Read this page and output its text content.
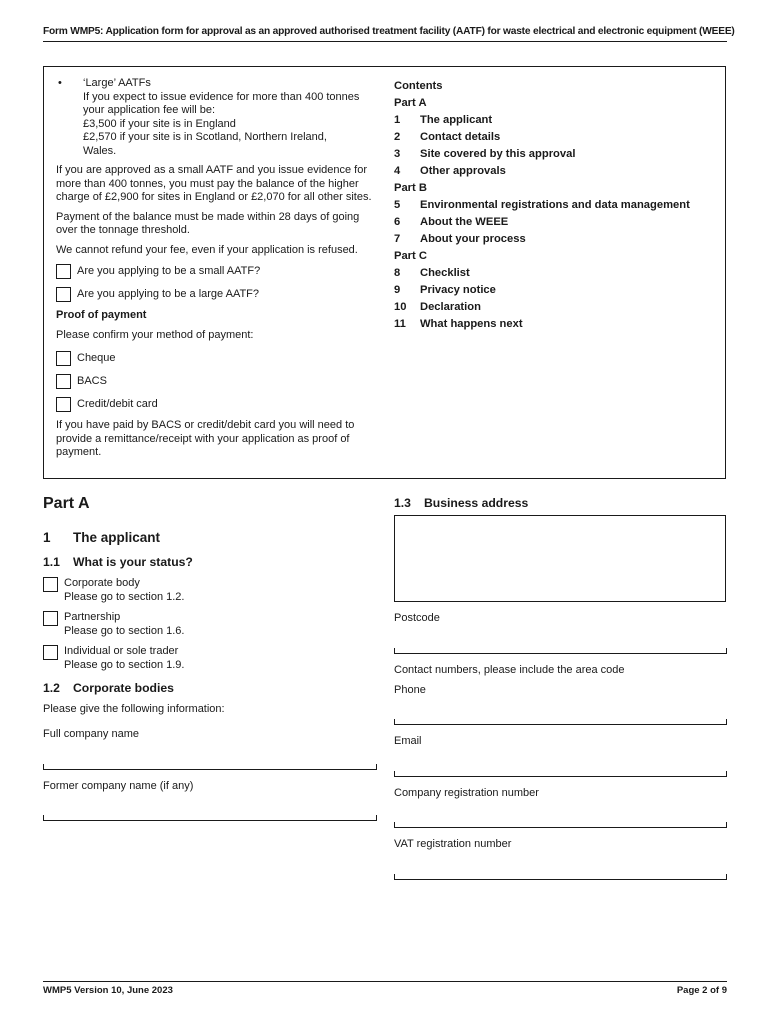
Form WMP5: Application form for approval as an approved authorised treatment facility (AATF) for waste electrical and electronic equipment (WEEE)
•	‘Large’ AATFs
If you expect to issue evidence for more than 400 tonnes
your application fee will be:
£3,500 if your site is in England
£2,570 if your site is in Scotland, Northern Ireland,
Wales.
If you are approved as a small AATF and you issue evidence for more than 400 tonnes, you must pay the balance of the higher charge of £2,900 for sites in England or £2,070 for all other sites.
Payment of the balance must be made within 28 days of going over the tonnage threshold.
We cannot refund your fee, even if your application is refused.
Are you applying to be a small AATF?
Are you applying to be a large AATF?
Proof of payment
Please confirm your method of payment:
Cheque
BACS
Credit/debit card
If you have paid by BACS or credit/debit card you will need to provide a remittance/receipt with your application as proof of payment.
Contents
Part A
1	The applicant
2	Contact details
3	Site covered by this approval
4	Other approvals
Part B
5	Environmental registrations and data management
6	About the WEEE
7	About your process
Part C
8	Checklist
9	Privacy notice
10	Declaration
11	What happens next
Part A
1	The applicant
1.1	What is your status?
Corporate body
Please go to section 1.2.
Partnership
Please go to section 1.6.
Individual or sole trader
Please go to section 1.9.
1.2	Corporate bodies
Please give the following information:
Full company name
Former company name (if any)
1.3	Business address
Postcode
Contact numbers, please include the area code
Phone
Email
Company registration number
VAT registration number
WMP5 Version 10, June 2023	Page 2 of 9
